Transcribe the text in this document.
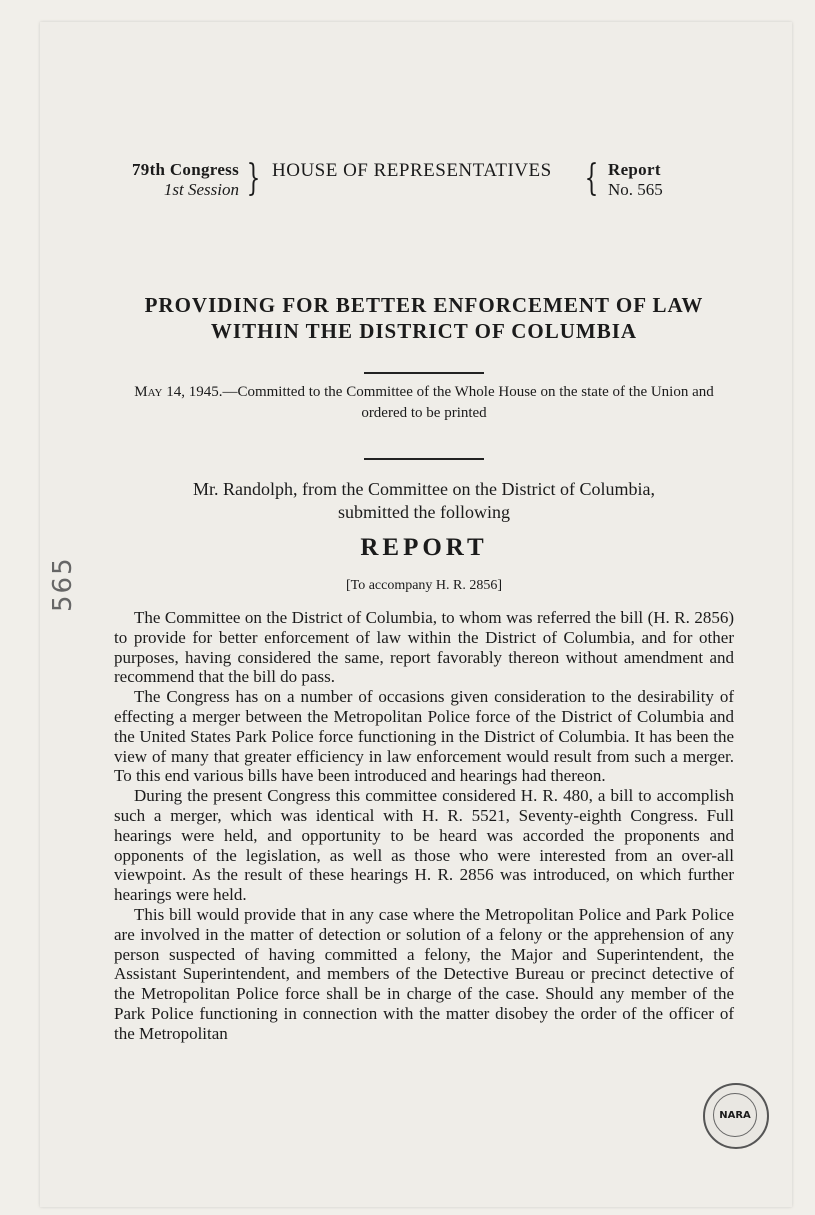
79th Congress
1st Session } HOUSE OF REPRESENTATIVES { Report
No. 565
PROVIDING FOR BETTER ENFORCEMENT OF LAW
WITHIN THE DISTRICT OF COLUMBIA
May 14, 1945.—Committed to the Committee of the Whole House on the state of the Union and ordered to be printed
Mr. Randolph, from the Committee on the District of Columbia,
submitted the following
REPORT
[To accompany H. R. 2856]

The Committee on the District of Columbia, to whom was referred the bill (H. R. 2856) to provide for better enforcement of law within the District of Columbia, and for other purposes, having considered the same, report favorably thereon without amendment and recommend that the bill do pass.

The Congress has on a number of occasions given consideration to the desirability of effecting a merger between the Metropolitan Police force of the District of Columbia and the United States Park Police force functioning in the District of Columbia. It has been the view of many that greater efficiency in law enforcement would result from such a merger. To this end various bills have been introduced and hearings had thereon.

During the present Congress this committee considered H. R. 480, a bill to accomplish such a merger, which was identical with H. R. 5521, Seventy-eighth Congress. Full hearings were held, and opportunity to be heard was accorded the proponents and opponents of the legislation, as well as those who were interested from an over-all viewpoint. As the result of these hearings H. R. 2856 was introduced, on which further hearings were held.

This bill would provide that in any case where the Metropolitan Police and Park Police are involved in the matter of detection or solution of a felony or the apprehension of any person suspected of having committed a felony, the Major and Superintendent, the Assistant Superintendent, and members of the Detective Bureau or precinct detective of the Metropolitan Police force shall be in charge of the case. Should any member of the Park Police functioning in connection with the matter disobey the order of the officer of the Metropolitan

565
NARA
